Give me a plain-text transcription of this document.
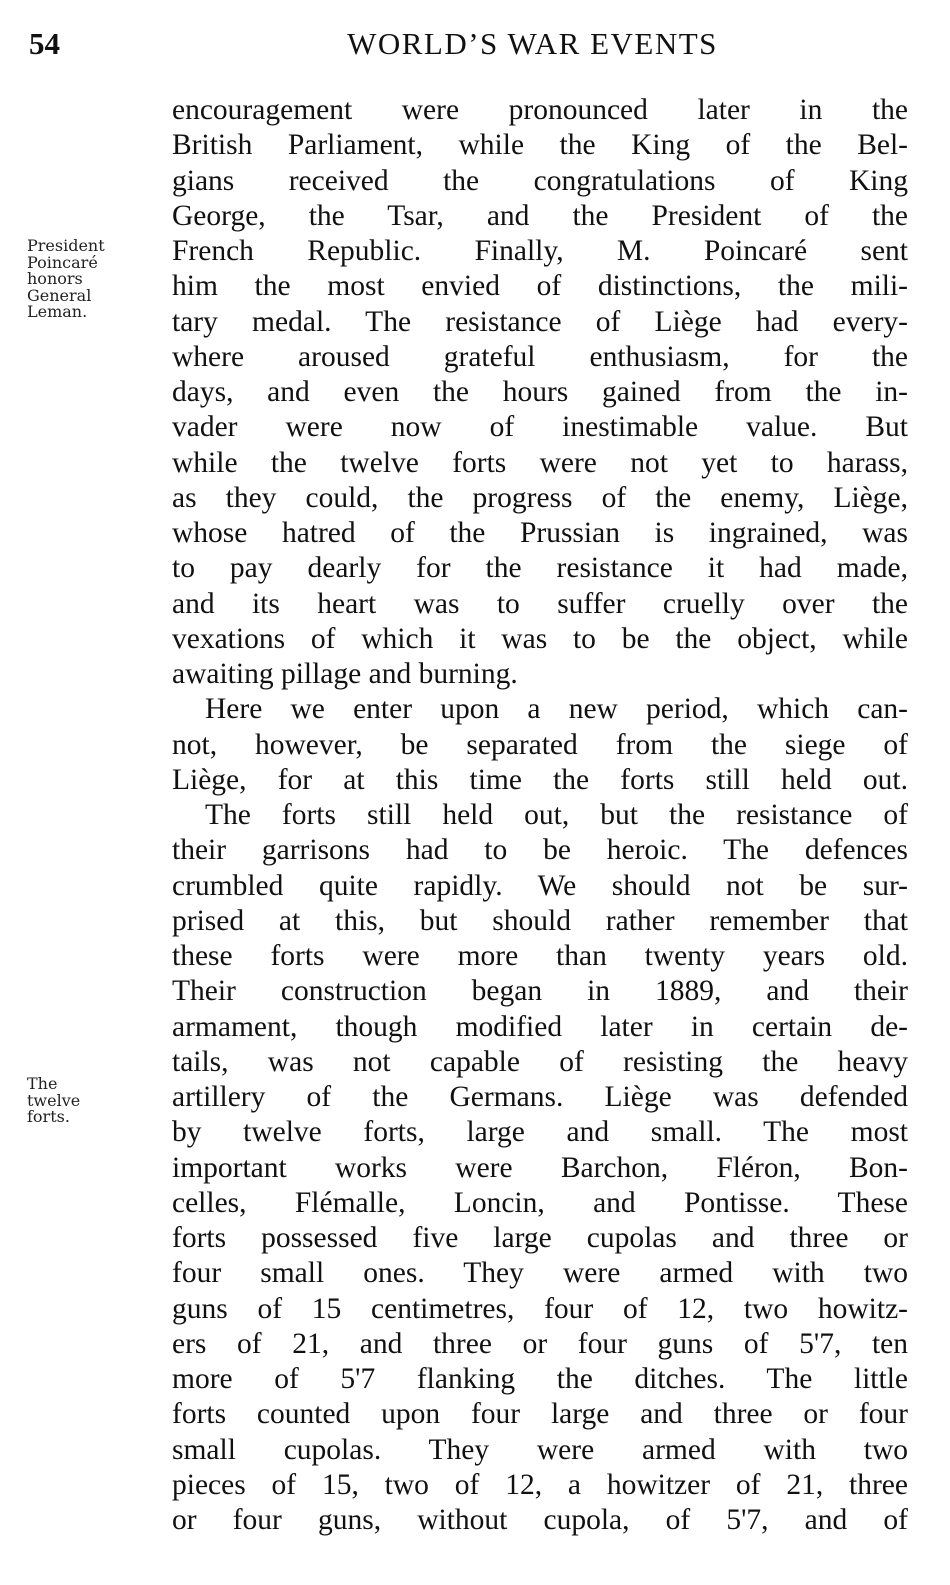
54	WORLD’S WAR EVENTS
President
Poincaré
honors
General
Leman.
The
twelve
forts.
encouragement were pronounced later in the
British Parliament, while the King of the Bel-
gians received the congratulations of King
George, the Tsar, and the President of the
French Republic. Finally, M. Poincaré sent
him the most envied of distinctions, the mili-
tary medal. The resistance of Liège had every-
where aroused grateful enthusiasm, for the
days, and even the hours gained from the in-
vader were now of inestimable value. But
while the twelve forts were not yet to harass,
as they could, the progress of the enemy, Liège,
whose hatred of the Prussian is ingrained, was
to pay dearly for the resistance it had made,
and its heart was to suffer cruelly over the
vexations of which it was to be the object, while
awaiting pillage and burning.
Here we enter upon a new period, which can-
not, however, be separated from the siege of
Liège, for at this time the forts still held out.
The forts still held out, but the resistance of
their garrisons had to be heroic. The defences
crumbled quite rapidly. We should not be sur-
prised at this, but should rather remember that
these forts were more than twenty years old.
Their construction began in 1889, and their
armament, though modified later in certain de-
tails, was not capable of resisting the heavy
artillery of the Germans. Liège was defended
by twelve forts, large and small. The most
important works were Barchon, Fléron, Bon-
celles, Flémalle, Loncin, and Pontisse. These
forts possessed five large cupolas and three or
four small ones. They were armed with two
guns of 15 centimetres, four of 12, two howitz-
ers of 21, and three or four guns of 5'7, ten
more of 5'7 flanking the ditches. The little
forts counted upon four large and three or four
small cupolas. They were armed with two
pieces of 15, two of 12, a howitzer of 21, three
or four guns, without cupola, of 5'7, and of
